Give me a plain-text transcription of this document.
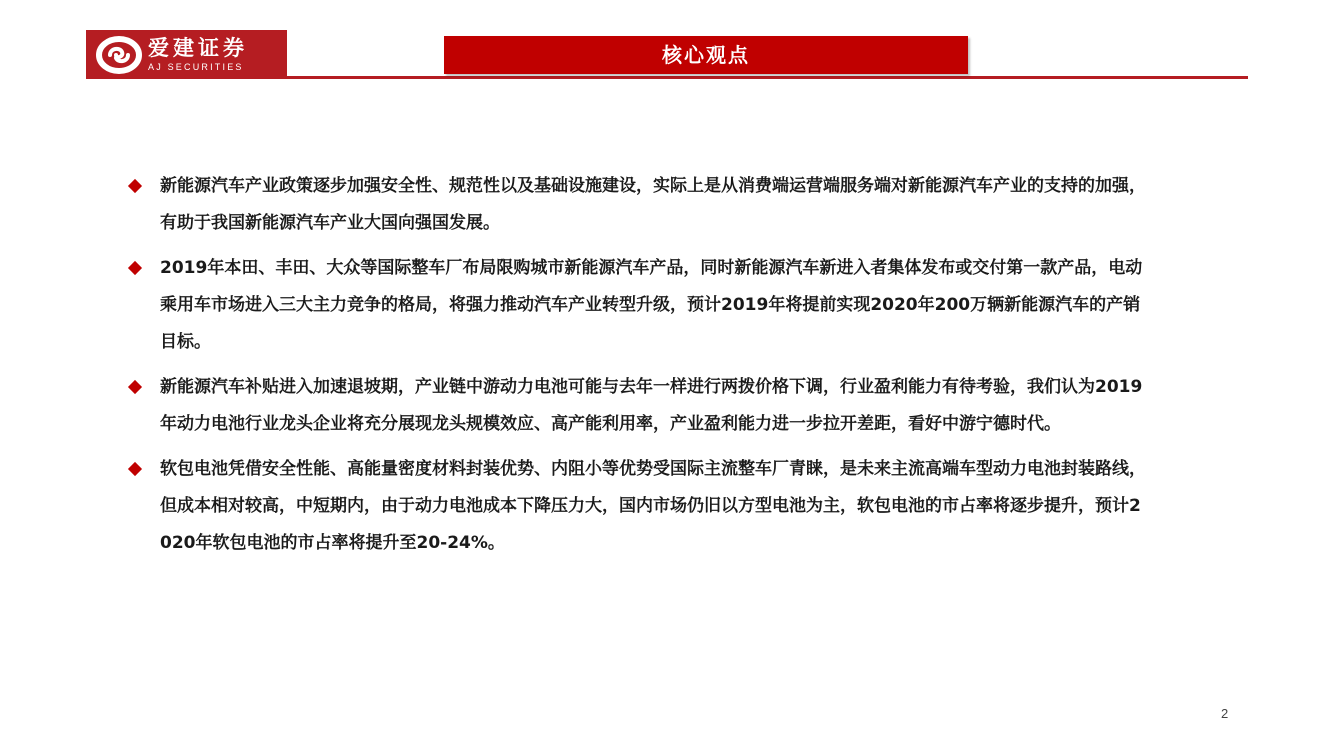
爱建证券
AJ SECURITIES	核心观点

新能源汽车产业政策逐步加强安全性、规范性以及基础设施建设，实际上是从消费端运营端服务端对新能源汽车产业的支持的加强，有助于我国新能源汽车产业大国向强国发展。

2019年本田、丰田、大众等国际整车厂布局限购城市新能源汽车产品，同时新能源汽车新进入者集体发布或交付第一款产品，电动乘用车市场进入三大主力竞争的格局，将强力推动汽车产业转型升级，预计2019年将提前实现2020年200万辆新能源汽车的产销目标。

新能源汽车补贴进入加速退坡期，产业链中游动力电池可能与去年一样进行两拨价格下调，行业盈利能力有待考验，我们认为2019年动力电池行业龙头企业将充分展现龙头规模效应、高产能利用率，产业盈利能力进一步拉开差距，看好中游宁德时代。

软包电池凭借安全性能、高能量密度材料封装优势、内阻小等优势受国际主流整车厂青睐，是未来主流高端车型动力电池封装路线，但成本相对较高，中短期内，由于动力电池成本下降压力大，国内市场仍旧以方型电池为主，软包电池的市占率将逐步提升，预计2020年软包电池的市占率将提升至20-24%。

2
